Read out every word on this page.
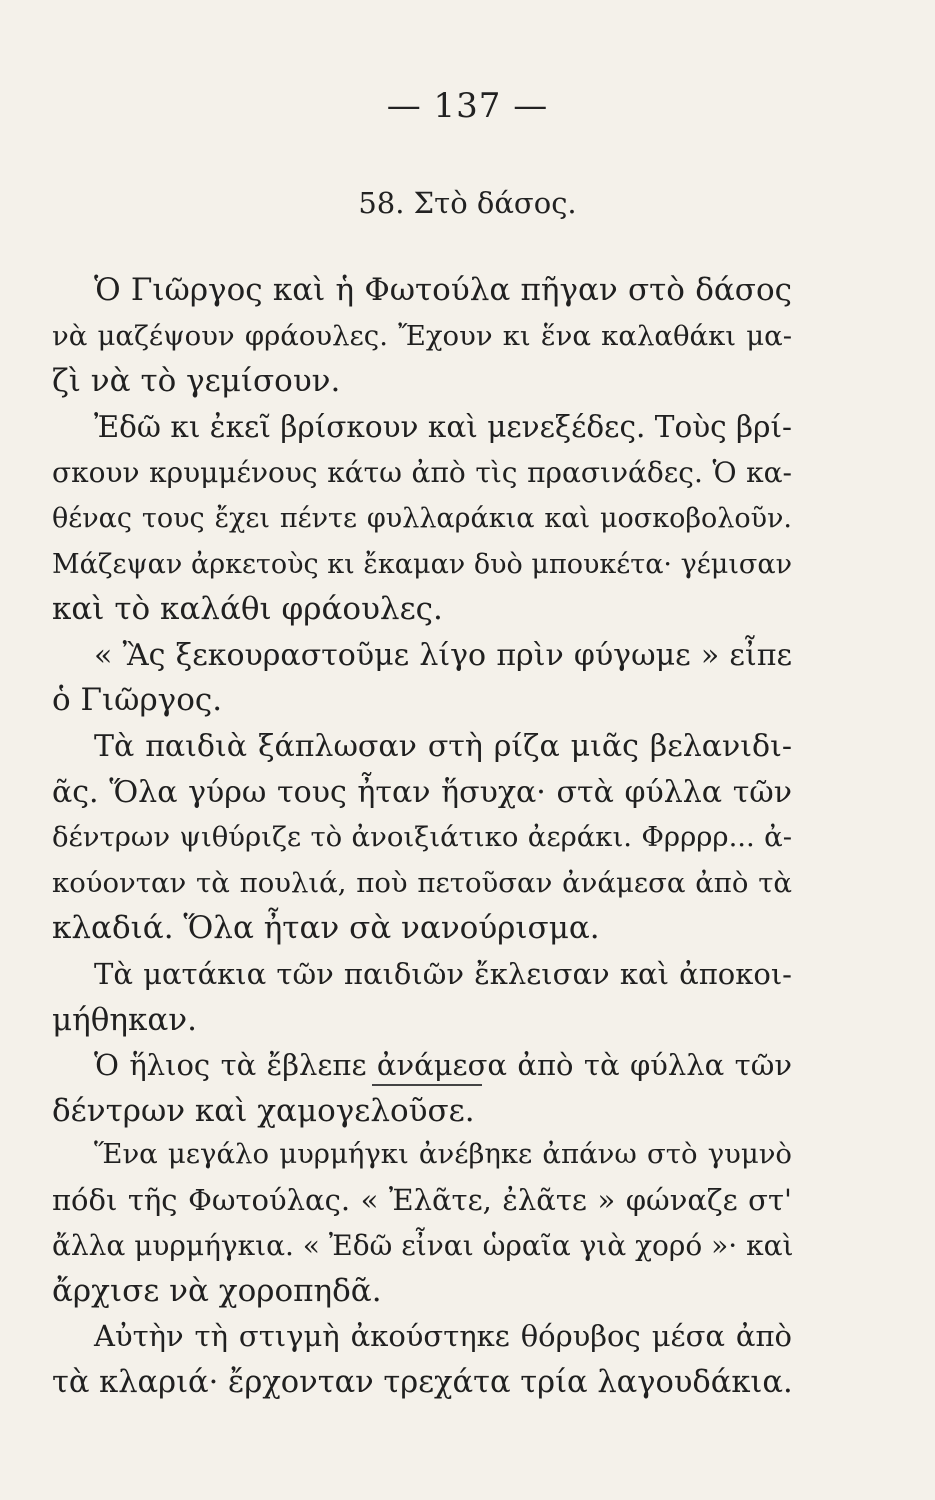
— 137 —
58. Στὸ δάσος.
Ὁ Γιῶργος καὶ ἡ Φωτούλα πῆγαν στὸ δάσος
νὰ μαζέψουν φράουλες. Ἔχουν κι ἕνα καλαθάκι μα-
ζὶ νὰ τὸ γεμίσουν.
Ἐδῶ κι ἐκεῖ βρίσκουν καὶ μενεξέδες. Τοὺς βρί-
σκουν κρυμμένους κάτω ἀπὸ τὶς πρασινάδες. Ὁ κα-
θένας τους ἔχει πέντε φυλλαράκια καὶ μοσκοβολοῦν.
Μάζεψαν ἀρκετοὺς κι ἔκαμαν δυὸ μπουκέτα· γέμισαν
καὶ τὸ καλάθι φράουλες.
« Ἂς ξεκουραστοῦμε λίγο πρὶν φύγωμε » εἶπε
ὁ Γιῶργος.
Τὰ παιδιὰ ξάπλωσαν στὴ ρίζα μιᾶς βελανιδι-
ᾶς. Ὅλα γύρω τους ἦταν ἥσυχα· στὰ φύλλα τῶν
δέντρων ψιθύριζε τὸ ἀνοιξιάτικο ἀεράκι. Φρρρρ... ἀ-
κούονταν τὰ πουλιά, ποὺ πετοῦσαν ἀνάμεσα ἀπὸ τὰ
κλαδιά. Ὅλα ἦταν σὰ νανούρισμα.
Τὰ ματάκια τῶν παιδιῶν ἔκλεισαν καὶ ἀποκοι-
μήθηκαν.
Ὁ ἥλιος τὰ ἔβλεπε ἀνάμεσα ἀπὸ τὰ φύλλα τῶν
δέντρων καὶ χαμογελοῦσε.
Ἕνα μεγάλο μυρμήγκι ἀνέβηκε ἀπάνω στὸ γυμνὸ
πόδι τῆς Φωτούλας. « Ἐλᾶτε, ἐλᾶτε » φώναζε στ'
ἄλλα μυρμήγκια. « Ἐδῶ εἶναι ὡραῖα γιὰ χορό »· καὶ
ἄρχισε νὰ χοροπηδᾶ.
Αὐτὴν τὴ στιγμὴ ἀκούστηκε θόρυβος μέσα ἀπὸ
τὰ κλαριά· ἔρχονταν τρεχάτα τρία λαγουδάκια.
